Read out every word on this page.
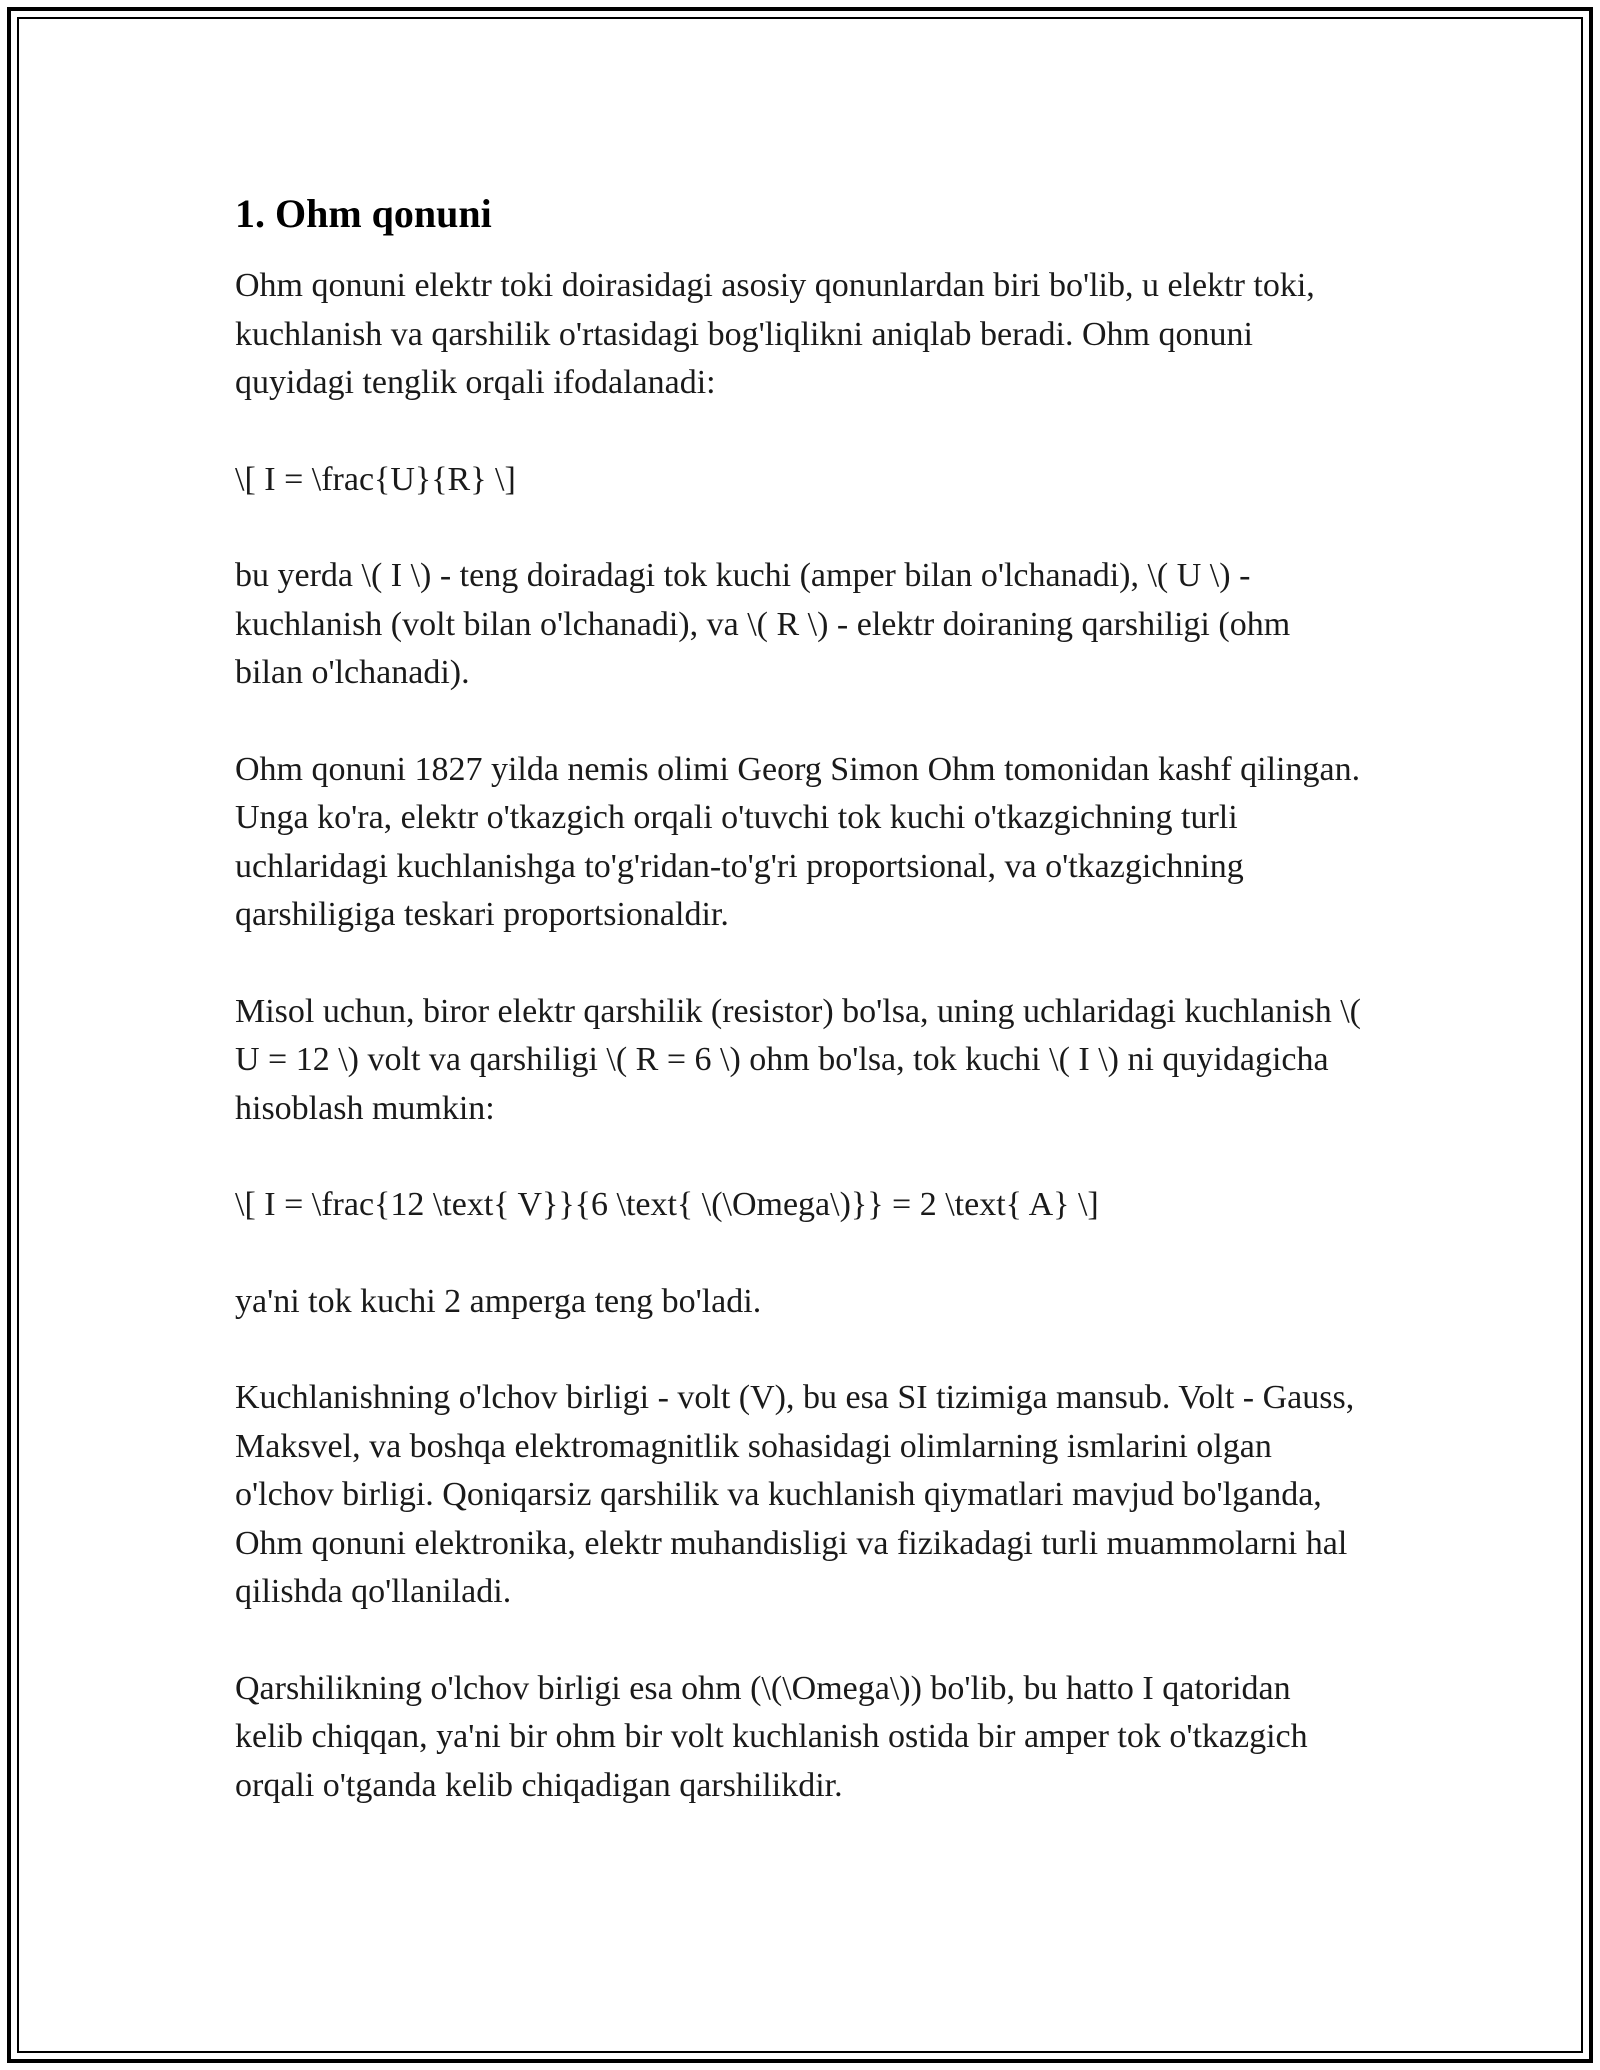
1. Ohm qonuni

Ohm qonuni elektr toki doirasidagi asosiy qonunlardan biri bo'lib, u elektr toki, kuchlanish va qarshilik o'rtasidagi bog'liqlikni aniqlab beradi. Ohm qonuni quyidagi tenglik orqali ifodalanadi:

\[ I = \frac{U}{R} \]

bu yerda \( I \) - teng doiradagi tok kuchi (amper bilan o'lchanadi), \( U \) - kuchlanish (volt bilan o'lchanadi), va \( R \) - elektr doiraning qarshiligi (ohm bilan o'lchanadi).

Ohm qonuni 1827 yilda nemis olimi Georg Simon Ohm tomonidan kashf qilingan. Unga ko'ra, elektr o'tkazgich orqali o'tuvchi tok kuchi o'tkazgichning turli uchlaridagi kuchlanishga to'g'ridan-to'g'ri proportsional, va o'tkazgichning qarshiligiga teskari proportsionaldir.

Misol uchun, biror elektr qarshilik (resistor) bo'lsa, uning uchlaridagi kuchlanish \( U = 12 \) volt va qarshiligi \( R = 6 \) ohm bo'lsa, tok kuchi \( I \) ni quyidagicha hisoblash mumkin:

\[ I = \frac{12 \text{ V}}{6 \text{ \(\Omega\)}} = 2 \text{ A} \]

ya'ni tok kuchi 2 amperga teng bo'ladi.

Kuchlanishning o'lchov birligi - volt (V), bu esa SI tizimiga mansub. Volt - Gauss, Maksvel, va boshqa elektromagnitlik sohasidagi olimlarning ismlarini olgan o'lchov birligi. Qoniqarsiz qarshilik va kuchlanish qiymatlari mavjud bo'lganda, Ohm qonuni elektronika, elektr muhandisligi va fizikadagi turli muammolarni hal qilishda qo'llaniladi.

Qarshilikning o'lchov birligi esa ohm (\(\Omega\)) bo'lib, bu hatto I qatoridan kelib chiqqan, ya'ni bir ohm bir volt kuchlanish ostida bir amper tok o'tkazgich orqali o'tganda kelib chiqadigan qarshilikdir.
